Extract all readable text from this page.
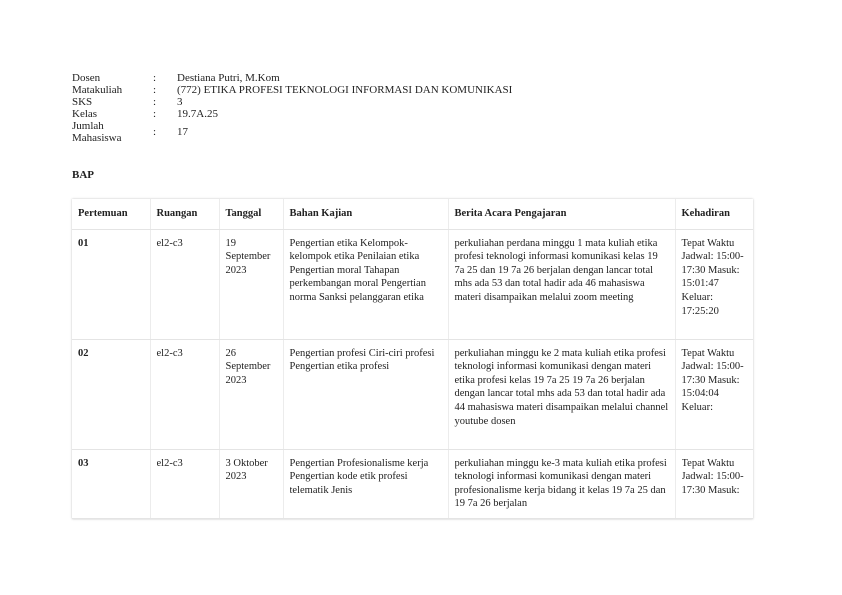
Dosen	:	Destiana Putri, M.Kom
Matakuliah	:	(772) ETIKA PROFESI TEKNOLOGI INFORMASI DAN KOMUNIKASI
SKS	:	3
Kelas	:	19.7A.25
Jumlah
Mahasiswa	:	17
BAP
Pertemuan	Ruangan	Tanggal	Bahan Kajian	Berita Acara Pengajaran	Kehadiran
01	el2-c3	19 September 2023	Pengertian etika Kelompok-kelompok etika Penilaian etika Pengertian moral Tahapan perkembangan moral Pengertian norma Sanksi pelanggaran etika	perkuliahan perdana minggu 1 mata kuliah etika profesi teknologi informasi komunikasi kelas 19 7a 25 dan 19 7a 26 berjalan dengan lancar total mhs ada 53 dan total hadir ada 46 mahasiswa materi disampaikan melalui zoom meeting	Tepat Waktu Jadwal: 15:00-17:30 Masuk: 15:01:47 Keluar: 17:25:20
02	el2-c3	26 September 2023	Pengertian profesi Ciri-ciri profesi Pengertian etika profesi	perkuliahan minggu ke 2 mata kuliah etika profesi teknologi informasi komunikasi dengan materi etika profesi kelas 19 7a 25 19 7a 26 berjalan dengan lancar total mhs ada 53 dan total hadir ada 44 mahasiswa materi disampaikan melalui channel youtube dosen	Tepat Waktu Jadwal: 15:00-17:30 Masuk: 15:04:04 Keluar:

03	el2-c3	3 Oktober 2023	Pengertian Profesionalisme kerja Pengertian kode etik profesi telematik Jenis	perkuliahan minggu ke-3 mata kuliah etika profesi teknologi informasi komunikasi dengan materi profesionalisme kerja bidang it kelas 19 7a 25 dan 19 7a 26 berjalan	Tepat Waktu Jadwal: 15:00-17:30 Masuk:
